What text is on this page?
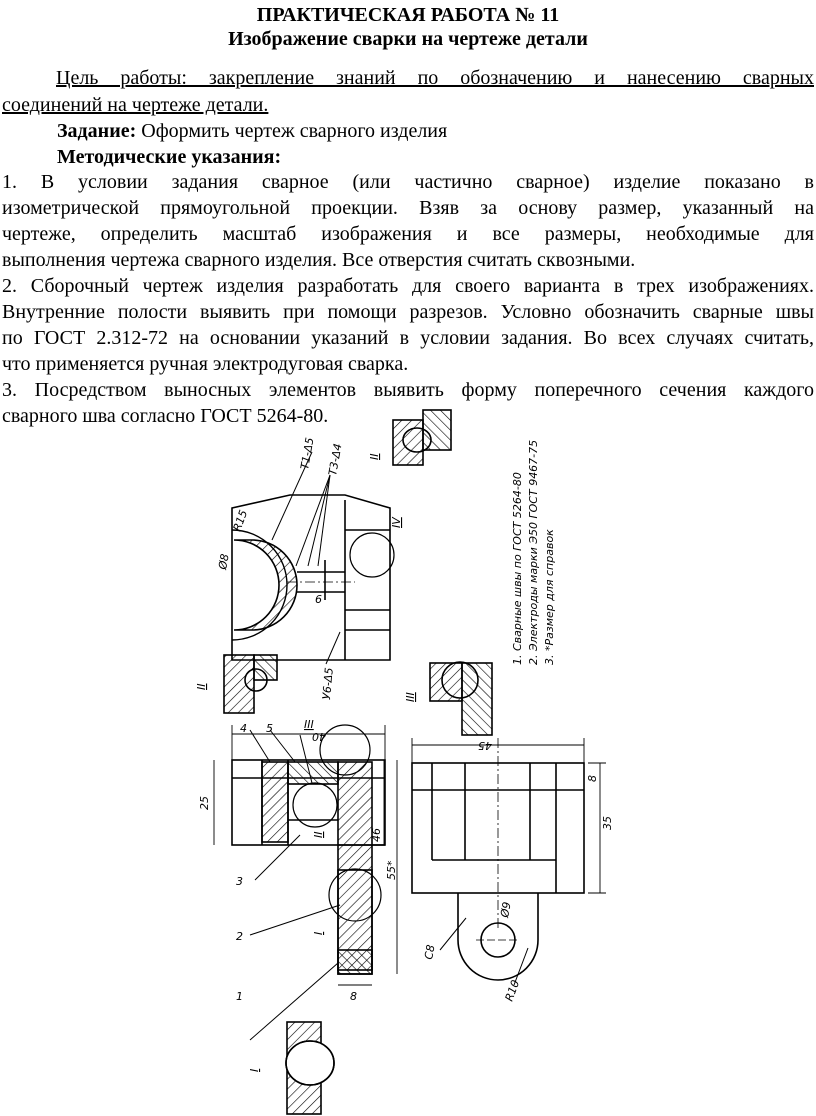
ПРАКТИЧЕСКАЯ РАБОТА № 11
Изображение сварки на чертеже детали
Цель работы: закрепление знаний по обозначению и нанесению сварных
соединений на чертеже детали.
Задание: Оформить чертеж сварного изделия
Методические указания:
1. В условии задания сварное (или частично сварное) изделие показано в
изометрической прямоугольной проекции. Взяв за основу размер, указанный на
чертеже, определить масштаб изображения и все размеры, необходимые для
выполнения чертежа сварного изделия. Все отверстия считать сквозными.
2. Сборочный чертеж изделия разработать для своего варианта в трех изображениях.
Внутренние полости выявить при помощи разрезов. Условно обозначить сварные швы
по ГОСТ 2.312-72 на основании указаний в условии задания. Во всех случаях считать,
что применяется ручная электродуговая сварка.
3. Посредством выносных элементов выявить форму поперечного сечения каждого
сварного шва согласно ГОСТ 5264-80.
Т1-Δ5 Т3-Δ4
У6-Δ5
R15
Ø8
6
40
25
46
55*
45
8
35
Ø9
C8
R10
8
4 5
3
2
1
II
IV
II
III
III
II
I
I
1. Сварные швы по ГОСТ 5264-80 2. Электроды марки Э50 ГОСТ 9467-75 3. *Размер для справок
